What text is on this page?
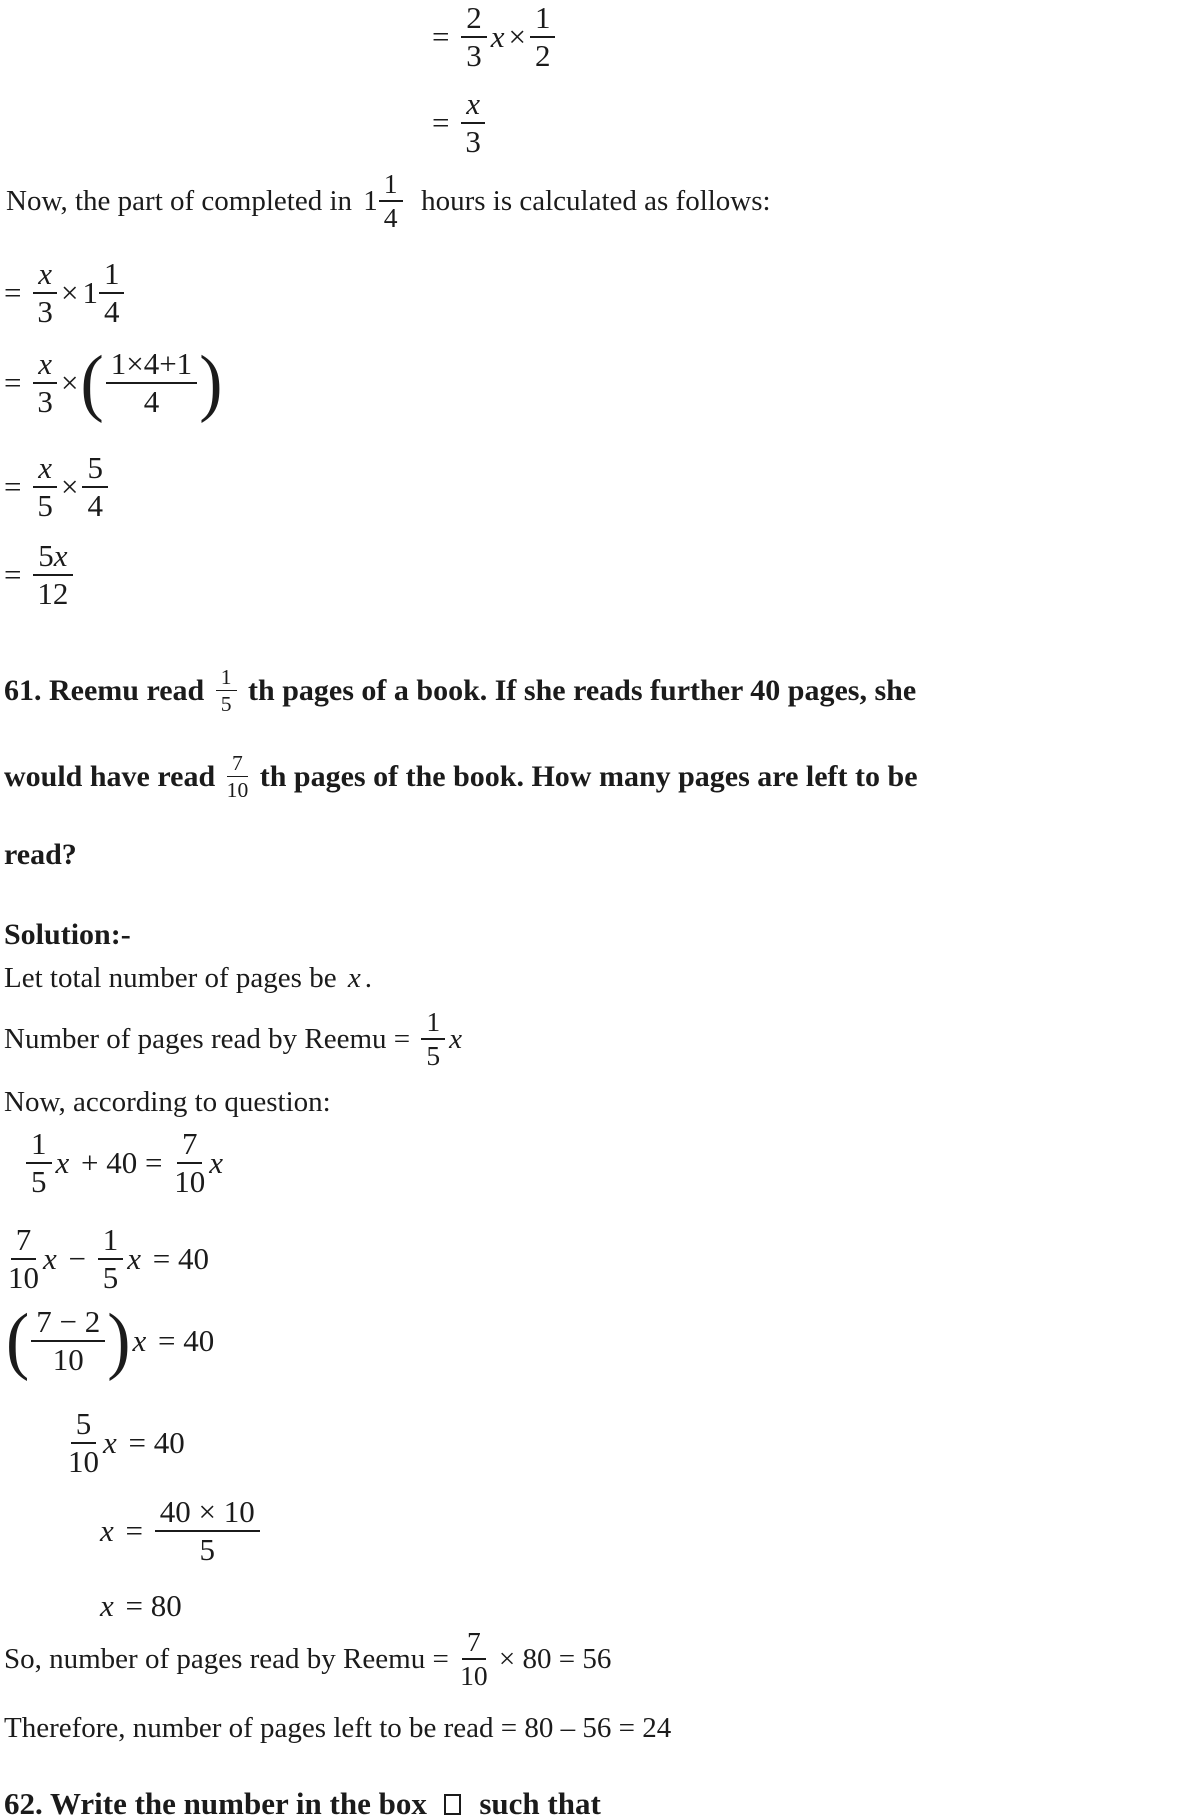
= $\frac{2}{3}$ $x \times \frac{1}{2}$
= $\frac{x}{3}$
Now, the part of completed in $1 \frac{1}{4}$ hours is calculated as follows:
= $\frac{x}{3} \times 1 \frac{1}{4}$
= $\frac{x}{3}$ × ( $\frac{1\times 4+1}{4}$ )
= $\frac{x}{5} \times \frac{5}{4}$
= $\frac{5x}{12}$
61. Reemu read $\frac{1}{5}$ th pages of a book. If she reads further 40 pages, she
would have read $\frac{7}{10}$ th pages of the book. How many pages are left to be
read?
Solution:-
Let total number of pages be x .
Number of pages read by Reemu = $\frac{1}{5}$ x
Now, according to question:
$\frac{1}{5}$ $x + 40 = \frac{7}{10}$ x
$\frac{7}{10}$ $x - \frac{1}{5}$ x = 40
( $\frac{7 - 2}{10}$ ) x = 40
$\frac{5}{10}$ x = 40
$x = \frac{40 \times 10}{5}$
x = 80
So, number of pages read by Reemu = $\frac{7}{10} \times 80 = 56$
Therefore, number of pages left to be read = 80 – 56 = 24
62. Write the number in the box such that
